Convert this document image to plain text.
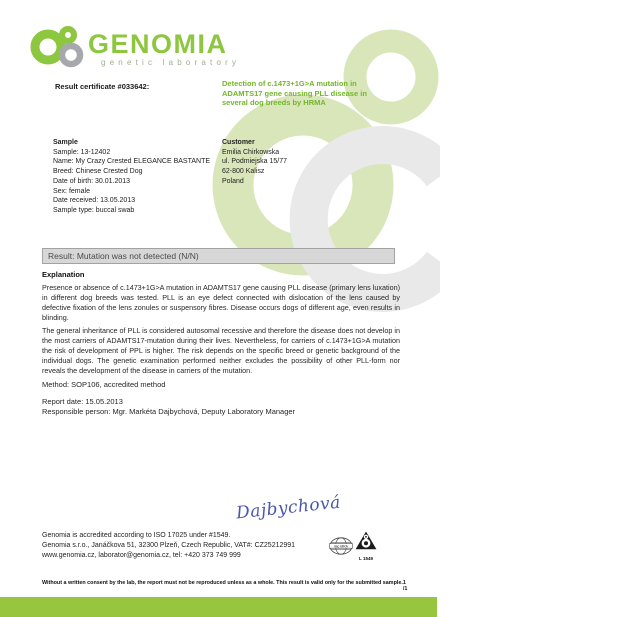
GENOMIA
genetic laboratory
Result certificate #033642:	Detection of c.1473+1G>A mutation in ADAMTS17 gene causing PLL disease in several dog breeds by HRMA
Sample
Sample: 13-12402
Name: My Crazy Crested ELEGANCE BASTANTE
Breed: Chinese Crested Dog
Date of birth: 30.01.2013
Sex: female
Date received: 13.05.2013
Sample type: buccal swab
Customer
Emilia Chirkowska
ul. Podmiejska 15/77
62-800 Kalisz
Poland
Result: Mutation was not detected (N/N)
Explanation
Presence or absence of c.1473+1G>A mutation in ADAMTS17 gene causing PLL disease (primary lens luxation) in different dog breeds was tested. PLL is an eye defect connected with dislocation of the lens caused by defective fixation of the lens zonules or suspensory fibres. Disease occurs dogs of different age, even results in blinding.
The general inheritance of PLL is considered autosomal recessive and therefore the disease does not develop in the most carriers of ADAMTS17-mutation during their lives. Nevertheless, for carriers of c.1473+1G>A mutation the risk of development of PPL is higher. The risk depends on the specific breed or genetic background of the individual dogs. The genetic examination performed neither excludes the possibility of other PLL-form nor reveals the development of the disease in carriers of the mutation.
Method: SOP106, accredited method
Report date: 15.05.2013
Responsible person: Mgr. Markéta Dajbychová, Deputy Laboratory Manager
Dajbychová
Genomia is accredited according to ISO 17025 under #1549.
Genomia s.r.o., Janáčkova 51, 32300 Plzeň, Czech Republic, VAT#: CZ25212991
www.genomia.cz, laborator@genomia.cz, tel: +420 373 749 999
ilac-MRA
L 1549
Without a written consent by the lab, the report must not be reproduced unless as a whole. This result is valid only for the submitted sample. 1 /1
